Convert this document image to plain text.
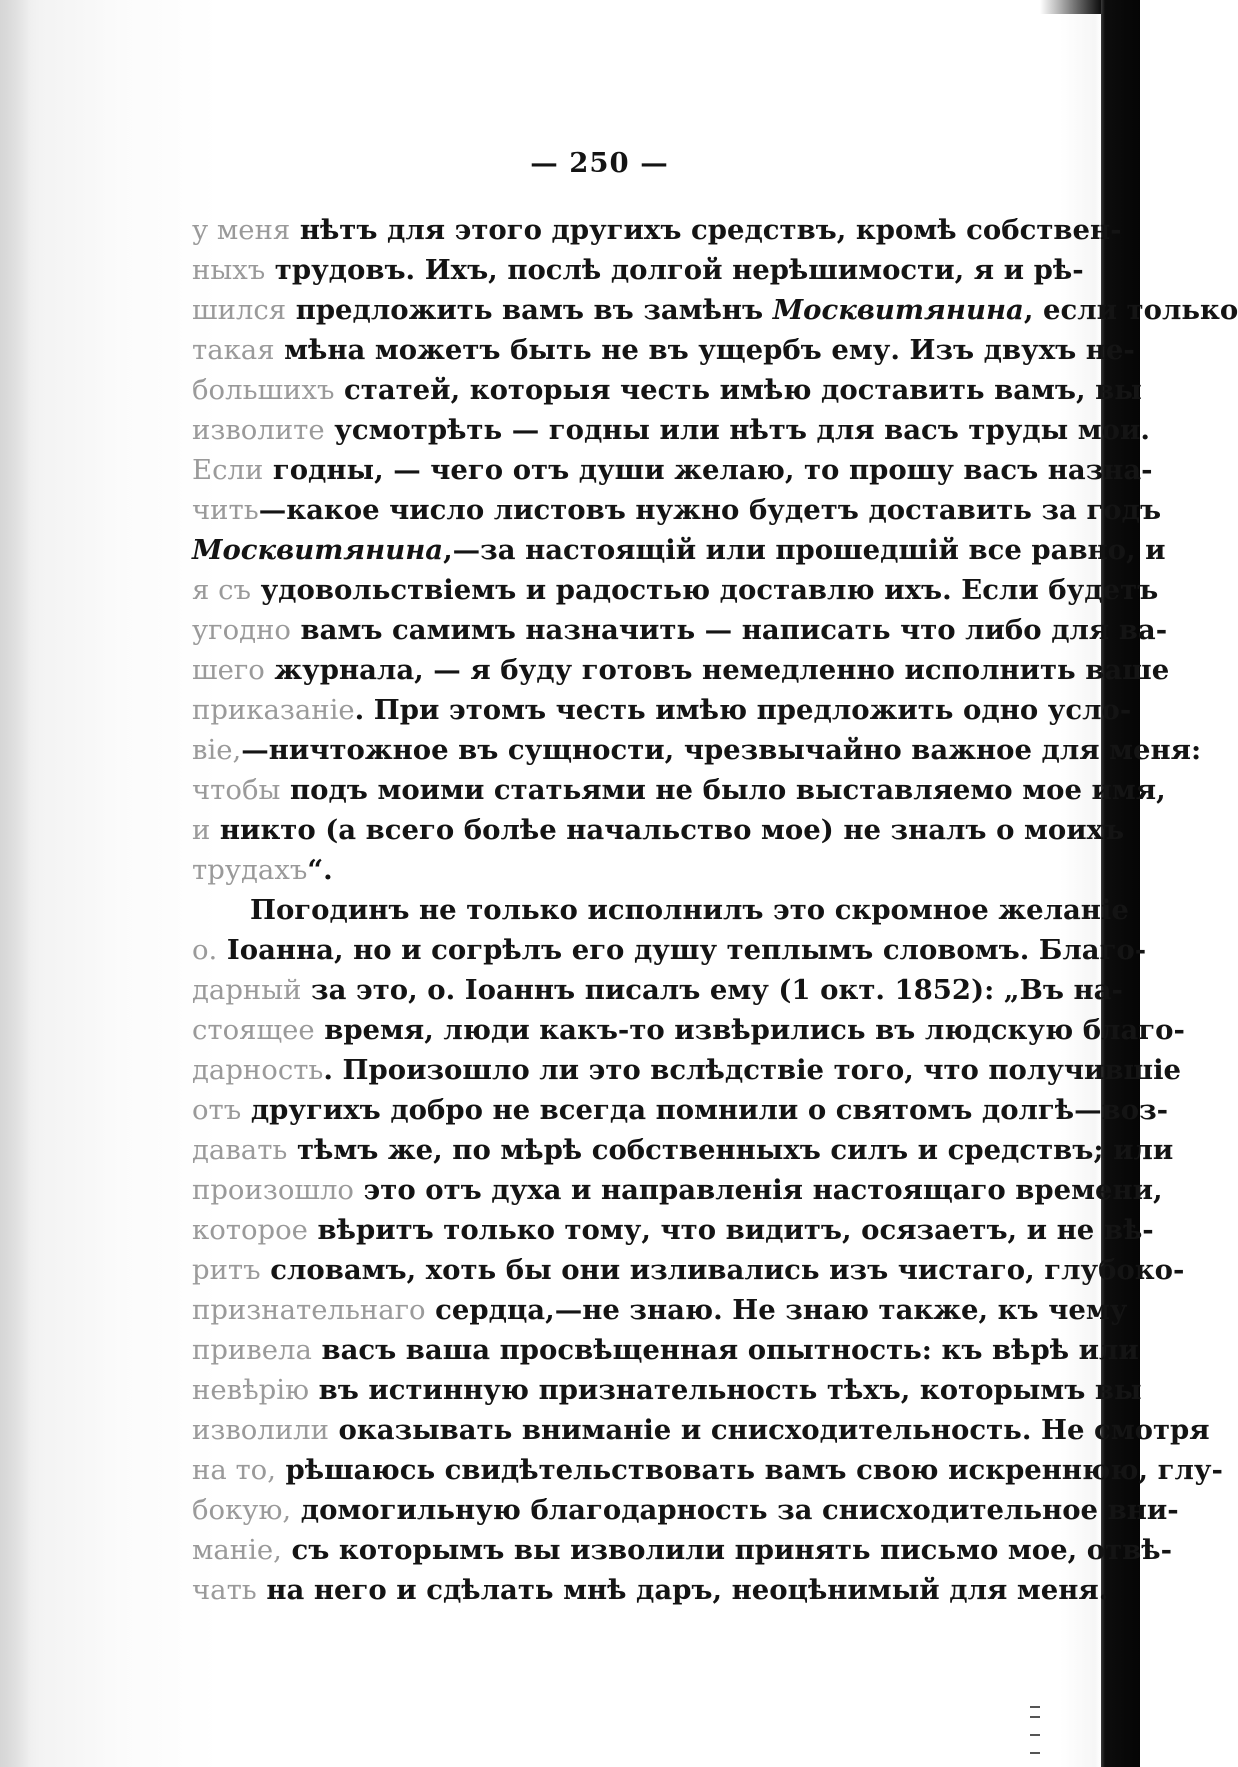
— 250 —
у меня нѣтъ для этого другихъ средствъ, кромѣ собствен-
ныхъ трудовъ. Ихъ, послѣ долгой нерѣшимости, я и рѣ-
шился предложить вамъ въ замѣнъ Москвитянина, если только
такая мѣна можетъ быть не въ ущербъ ему. Изъ двухъ не-
большихъ статей, которыя честь имѣю доставить вамъ, вы
изволите усмотрѣть — годны или нѣтъ для васъ труды мои.
Если годны, — чего отъ души желаю, то прошу васъ назна-
чить—какое число листовъ нужно будетъ доставить за годъ
Москвитянина,—за настоящій или прошедшій все равно, и
я съ удовольствіемъ и радостью доставлю ихъ. Если будетъ
угодно вамъ самимъ назначить — написать что либо для ва-
шего журнала, — я буду готовъ немедленно исполнить ваше
приказаніе. При этомъ честь имѣю предложить одно усло-
віе,—ничтожное въ сущности, чрезвычайно важное для меня:
чтобы подъ моими статьями не было выставляемо мое имя,
и никто (а всего болѣе начальство мое) не зналъ о моихъ
трудахъ“.
Погодинъ не только исполнилъ это скромное желаніе
о. Іоанна, но и согрѣлъ его душу теплымъ словомъ. Благо-
дарный за это, о. Іоаннъ писалъ ему (1 окт. 1852): „Въ на-
стоящее время, люди какъ-то извѣрились въ людскую благо-
дарность. Произошло ли это вслѣдствіе того, что получившіе
отъ другихъ добро не всегда помнили о святомъ долгѣ—воз-
давать тѣмъ же, по мѣрѣ собственныхъ силъ и средствъ; или
произошло это отъ духа и направленія настоящаго времени,
которое вѣритъ только тому, что видитъ, осязаетъ, и не вѣ-
ритъ словамъ, хоть бы они изливались изъ чистаго, глубоко-
признательнаго сердца,—не знаю. Не знаю также, къ чему
привела васъ ваша просвѣщенная опытность: къ вѣрѣ или
невѣрію въ истинную признательность тѣхъ, которымъ вы
изволили оказывать вниманіе и снисходительность. Не смотря
на то, рѣшаюсь свидѣтельствовать вамъ свою искреннюю, глу-
бокую, домогильную благодарность за снисходительное вни-
маніе, съ которымъ вы изволили принять письмо мое, отвѣ-
чать на него и сдѣлать мнѣ даръ, неоцѣнимый для меня.
